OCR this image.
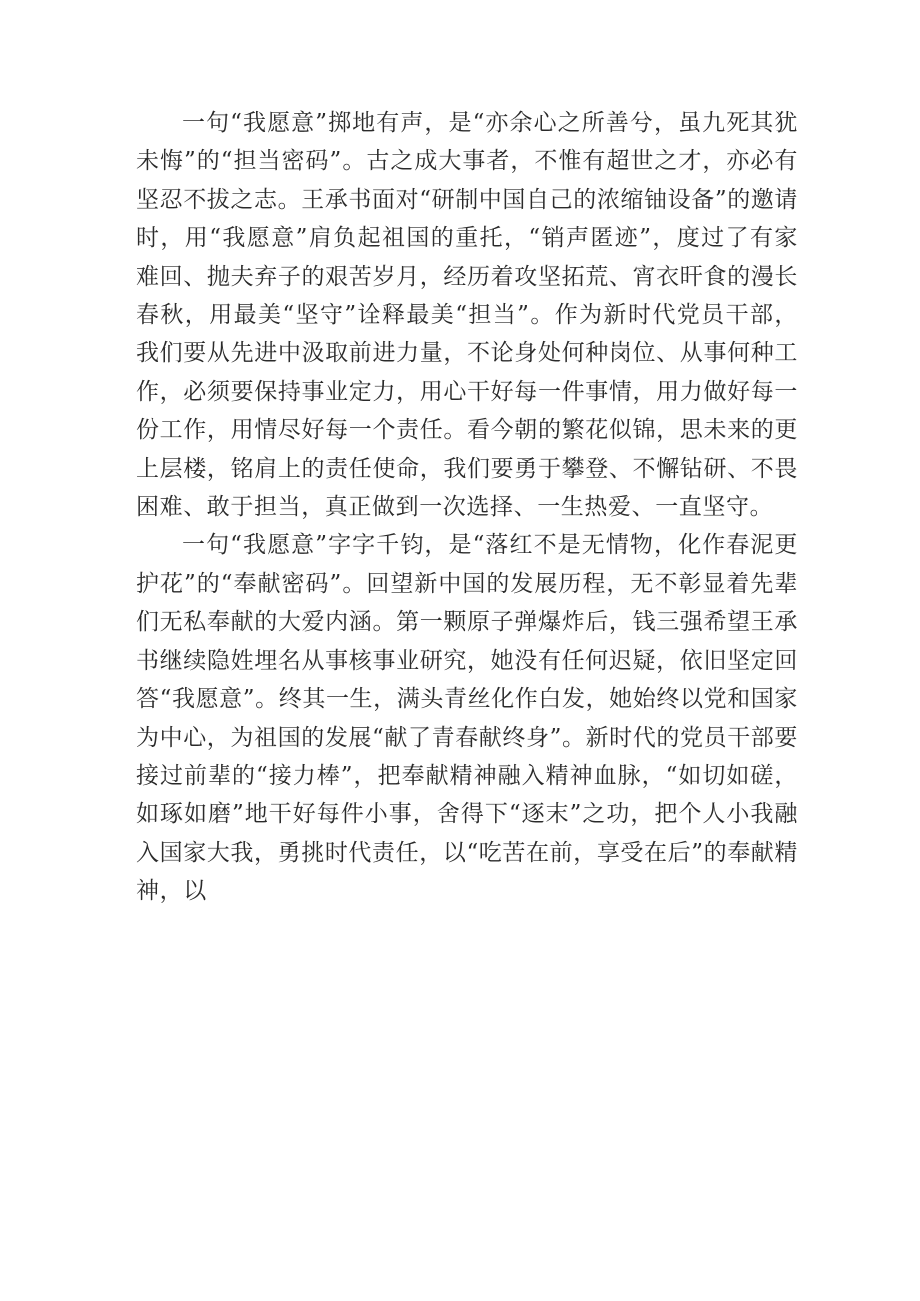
一句“我愿意”掷地有声，是“亦余心之所善兮，虽九死其犹未悔”的“担当密码”。古之成大事者，不惟有超世之才，亦必有坚忍不拔之志。王承书面对“研制中国自己的浓缩铀设备”的邀请时，用“我愿意”肩负起祖国的重托，“销声匿迹”，度过了有家难回、抛夫弃子的艰苦岁月，经历着攻坚拓荒、宵衣旰食的漫长春秋，用最美“坚守”诠释最美“担当”。作为新时代党员干部，我们要从先进中汲取前进力量，不论身处何种岗位、从事何种工作，必须要保持事业定力，用心干好每一件事情，用力做好每一份工作，用情尽好每一个责任。看今朝的繁花似锦，思未来的更上层楼，铭肩上的责任使命，我们要勇于攀登、不懈钻研、不畏困难、敢于担当，真正做到一次选择、一生热爱、一直坚守。

一句“我愿意”字字千钧，是“落红不是无情物，化作春泥更护花”的“奉献密码”。回望新中国的发展历程，无不彰显着先辈们无私奉献的大爱内涵。第一颗原子弹爆炸后，钱三强希望王承书继续隐姓埋名从事核事业研究，她没有任何迟疑，依旧坚定回答“我愿意”。终其一生，满头青丝化作白发，她始终以党和国家为中心，为祖国的发展“献了青春献终身”。新时代的党员干部要接过前辈的“接力棒”，把奉献精神融入精神血脉，“如切如磋，如琢如磨”地干好每件小事，舍得下“逐末”之功，把个人小我融入国家大我，勇挑时代责任，以“吃苦在前，享受在后”的奉献精神，以
